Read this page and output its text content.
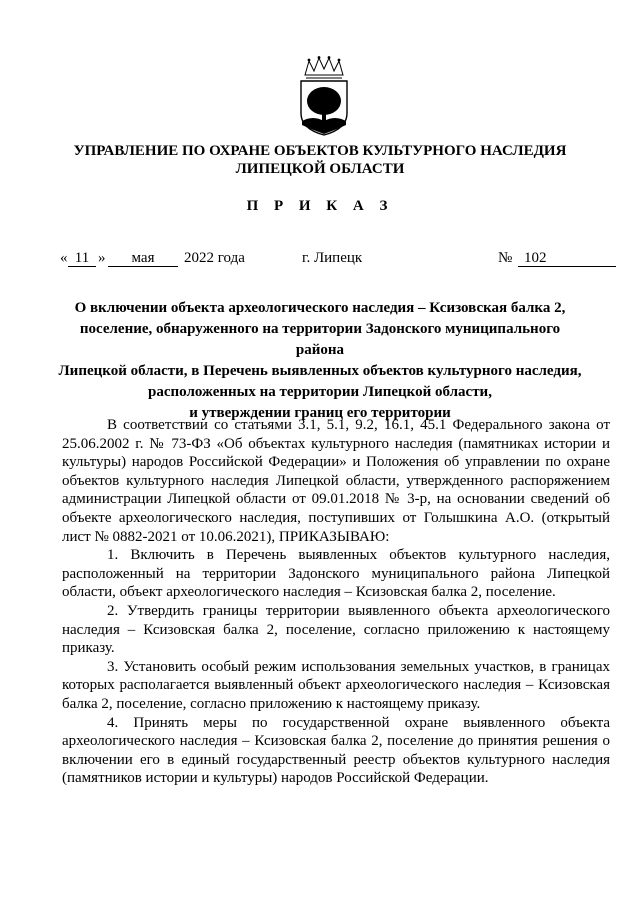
УПРАВЛЕНИЕ ПО ОХРАНЕ ОБЪЕКТОВ КУЛЬТУРНОГО НАСЛЕДИЯ
ЛИПЕЦКОЙ ОБЛАСТИ
П Р И К А З
« 11 »	мая	2022 года	г. Липецк	№ 102
О включении объекта археологического наследия – Ксизовская балка 2,
поселение, обнаруженного на территории Задонского муниципального района
Липецкой области, в Перечень выявленных объектов культурного наследия,
расположенных на территории Липецкой области,
и утверждении границ его территории

В соответствии со статьями 3.1, 5.1, 9.2, 16.1, 45.1 Федерального закона от 25.06.2002 г. № 73-ФЗ «Об объектах культурного наследия (памятниках истории и культуры) народов Российской Федерации» и Положения об управлении по охране объектов культурного наследия Липецкой области, утвержденного распоряжением администрации Липецкой области от 09.01.2018 № 3-р, на основании сведений об объекте археологического наследия, поступивших от Голышкина А.О. (открытый лист № 0882-2021 от 10.06.2021), ПРИКАЗЫВАЮ:

1. Включить в Перечень выявленных объектов культурного наследия, расположенный на территории Задонского муниципального района Липецкой области, объект археологического наследия – Ксизовская балка 2, поселение.

2. Утвердить границы территории выявленного объекта археологического наследия – Ксизовская балка 2, поселение, согласно приложению к настоящему приказу.

3. Установить особый режим использования земельных участков, в границах которых располагается выявленный объект археологического наследия – Ксизовская балка 2, поселение, согласно приложению к настоящему приказу.

4. Принять меры по государственной охране выявленного объекта археологического наследия – Ксизовская балка 2, поселение до принятия решения о включении его в единый государственный реестр объектов культурного наследия (памятников истории и культуры) народов Российской Федерации.
